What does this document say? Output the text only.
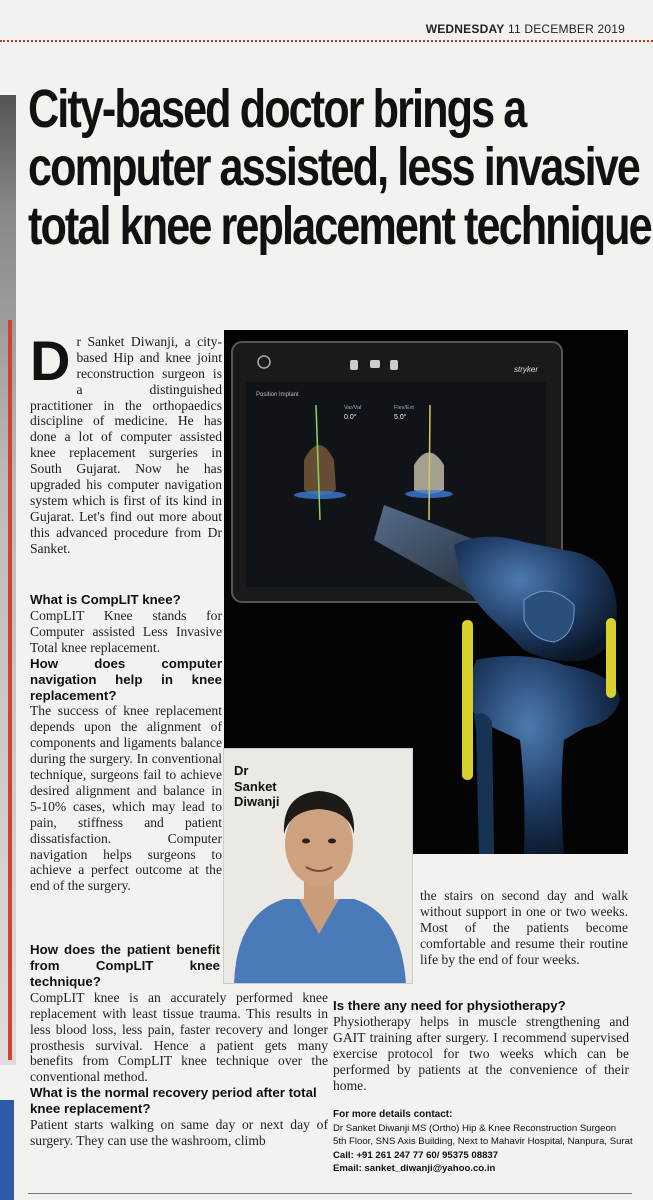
WEDNESDAY 11 DECEMBER 2019
City-based doctor brings a
computer assisted, less invasive
total knee replacement technique
Dr Sanket Diwanji, a city-based Hip and knee joint reconstruction surgeon is a distinguished practitioner in the orthopaedics discipline of medicine. He has done a lot of computer assisted knee replacement surgeries in South Gujarat. Now he has upgraded his computer navigation system which is first of its kind in Gujarat. Let's find out more about this advanced procedure from Dr Sanket.
What is CompLIT knee?

CompLIT Knee stands for Computer assisted Less Invasive Total knee replacement.

How does computer navigation help in knee replacement?

The success of knee replacement depends upon the alignment of components and ligaments balance during the surgery. In conventional technique, surgeons fail to achieve desired alignment and balance in 5-10% cases, which may lead to pain, stiffness and patient dissatisfaction. Computer navigation helps surgeons to achieve a perfect outcome at the end of the surgery.

How does the patient benefit from CompLIT knee technique?

CompLIT knee is an accurately performed knee replacement with least tissue trauma. This results in less blood loss, less pain, faster recovery and longer prosthesis survival. Hence a patient gets many benefits from CompLIT knee technique over the conventional method.

What is the normal recovery period after total knee replacement?

Patient starts walking on same day or next day of surgery. They can use the washroom, climb

the stairs on second day and walk without support in one or two weeks. Most of the patients become comfortable and resume their routine life by the end of four weeks.

Is there any need for physiotherapy?

Physiotherapy helps in muscle strengthening and GAIT training after surgery. I recommend supervised exercise protocol for two weeks which can be performed by patients at the convenience of their home.

stryker
Position Implant
Var/Val
0.0°
Flex/Ext
5.0°
Dr
Sanket
Diwanji
For more details contact:
Dr Sanket Diwanji MS (Ortho) Hip & Knee Reconstruction Surgeon
5th Floor, SNS Axis Building, Next to Mahavir Hospital, Nanpura, Surat
Call: +91 261 247 77 60/ 95375 08837
Email: sanket_diwanji@yahoo.co.in
